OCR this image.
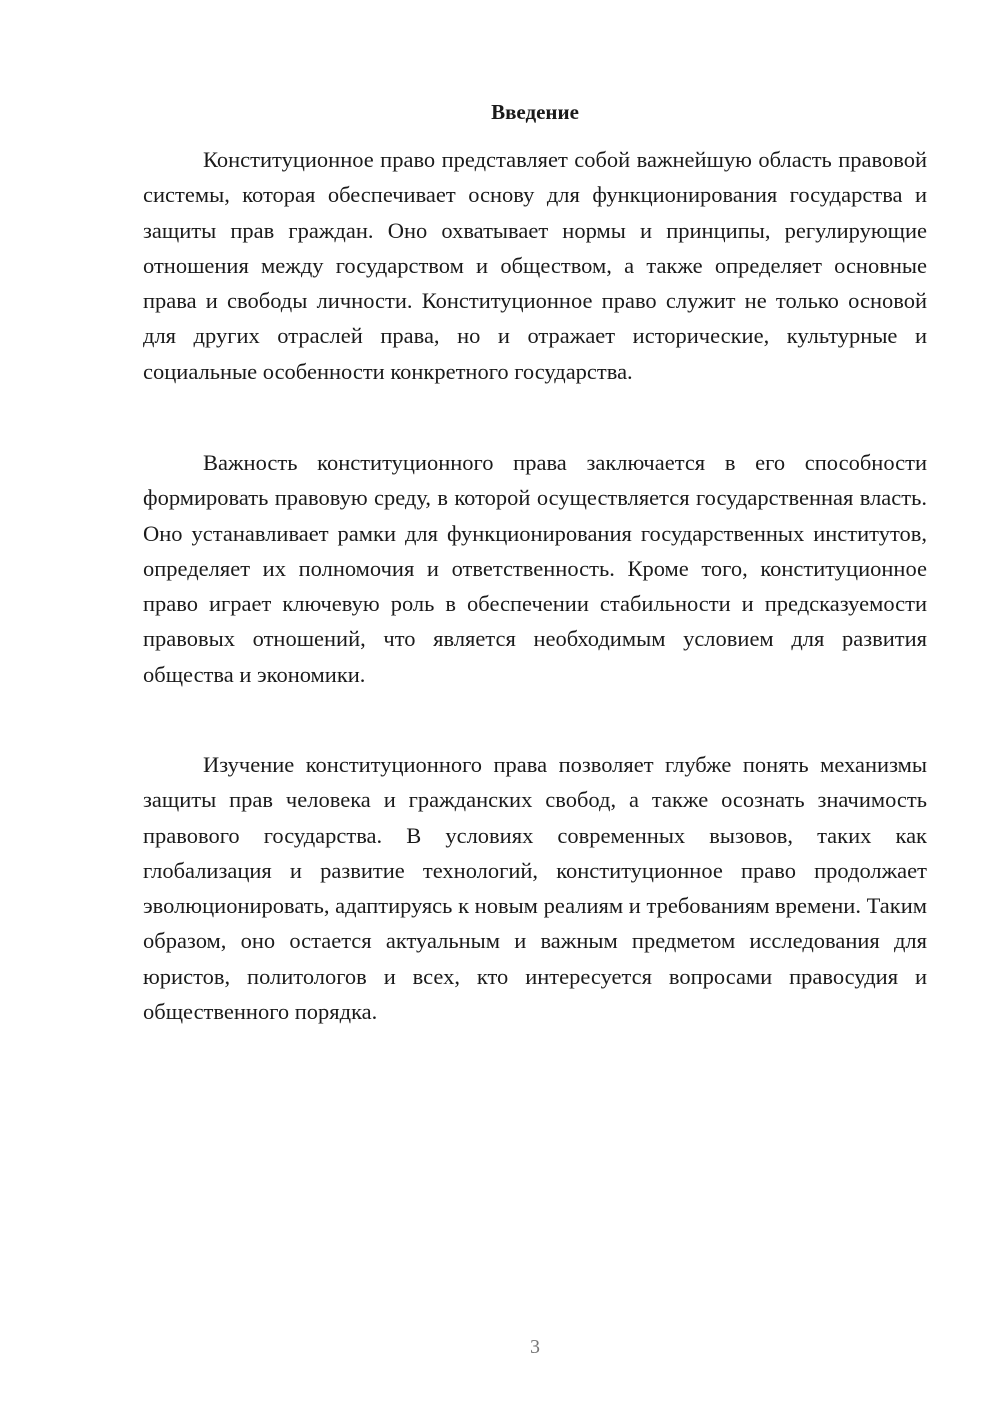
Введение

Конституционное право представляет собой важнейшую область правовой системы, которая обеспечивает основу для функционирования государства и защиты прав граждан. Оно охватывает нормы и принципы, регулирующие отношения между государством и обществом, а также определяет основные права и свободы личности. Конституционное право служит не только основой для других отраслей права, но и отражает исторические, культурные и социальные особенности конкретного государства.

Важность конституционного права заключается в его способности формировать правовую среду, в которой осуществляется государственная власть. Оно устанавливает рамки для функционирования государственных институтов, определяет их полномочия и ответственность. Кроме того, конституционное право играет ключевую роль в обеспечении стабильности и предсказуемости правовых отношений, что является необходимым условием для развития общества и экономики.

Изучение конституционного права позволяет глубже понять механизмы защиты прав человека и гражданских свобод, а также осознать значимость правового государства. В условиях современных вызовов, таких как глобализация и развитие технологий, конституционное право продолжает эволюционировать, адаптируясь к новым реалиям и требованиям времени. Таким образом, оно остается актуальным и важным предметом исследования для юристов, политологов и всех, кто интересуется вопросами правосудия и общественного порядка.

3
